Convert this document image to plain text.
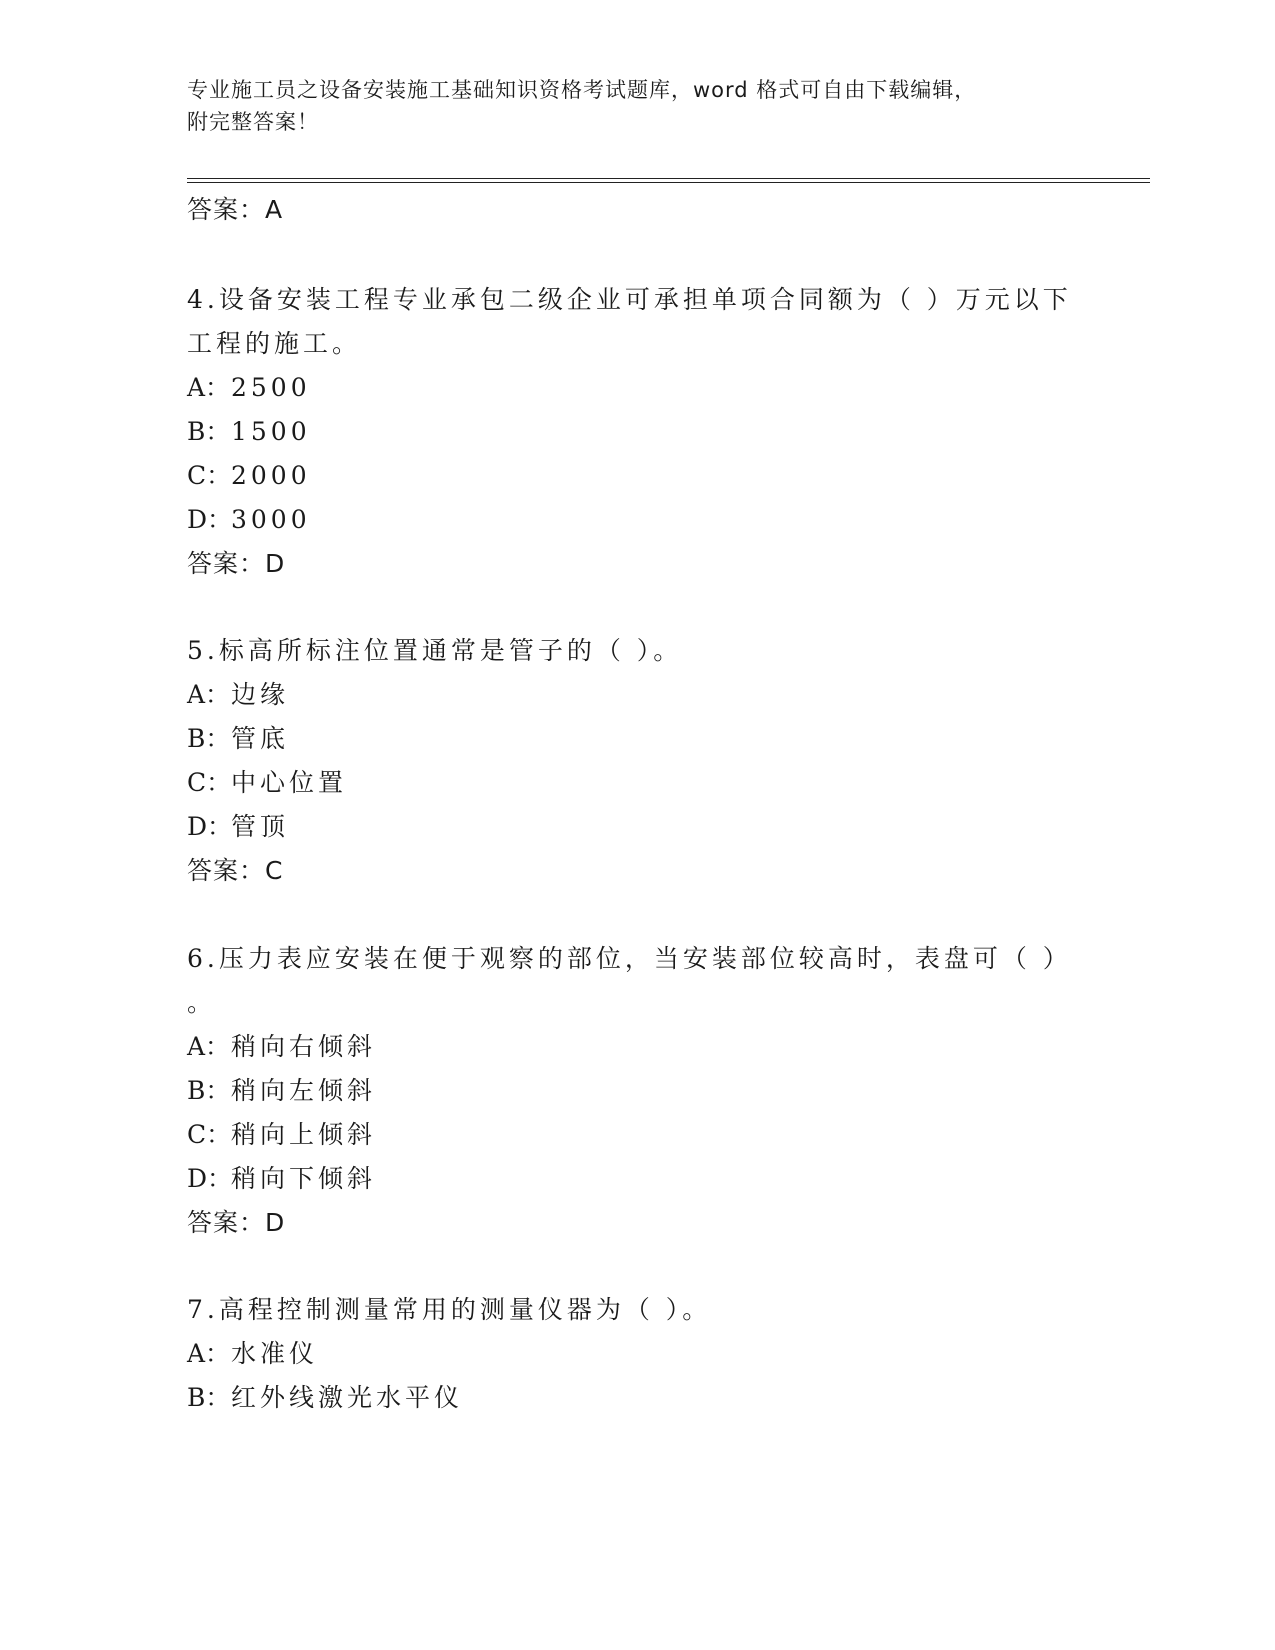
专业施工员之设备安装施工基础知识资格考试题库，word 格式可自由下载编辑，
附完整答案！
答案：A
4.设备安装工程专业承包二级企业可承担单项合同额为（ ）万元以下
工程的施工。
A：2500
B：1500
C：2000
D：3000
答案：D
5.标高所标注位置通常是管子的（ ）。
A：边缘
B：管底
C：中心位置
D：管顶
答案：C
6.压力表应安装在便于观察的部位，当安装部位较高时，表盘可（ ）
。
A：稍向右倾斜
B：稍向左倾斜
C：稍向上倾斜
D：稍向下倾斜
答案：D
7.高程控制测量常用的测量仪器为（ ）。
A：水准仪
B：红外线激光水平仪
